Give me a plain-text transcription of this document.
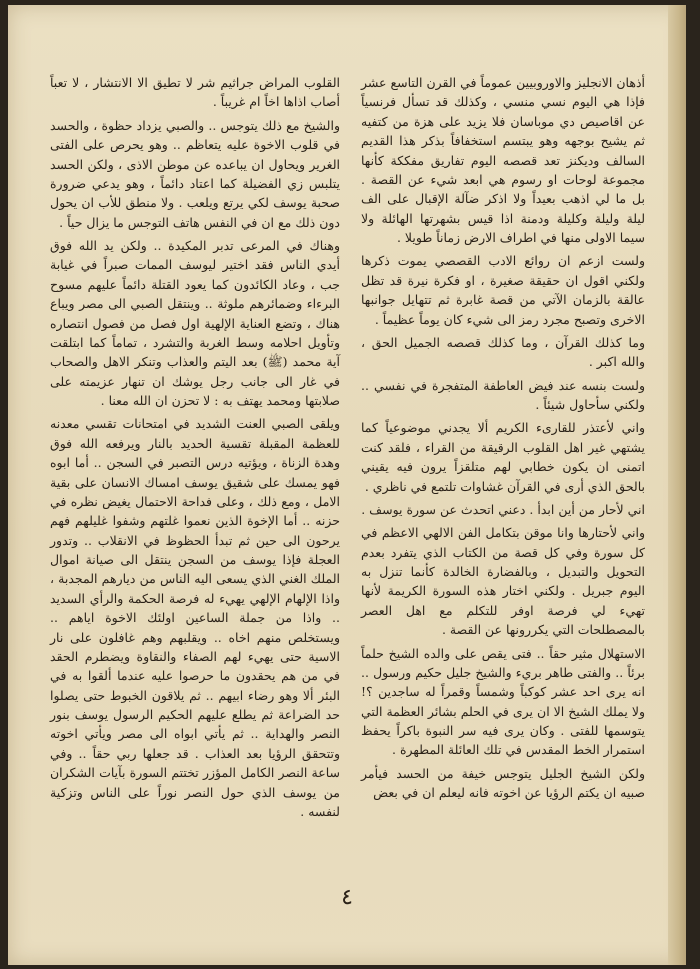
أذهان الانجليز والاوروبيين عموماً في القرن التاسع عشر فإذا هي اليوم نسي منسي ، وكذلك قد تسأل فرنسياً عن اقاصيص دي موباسان فلا يزيد على هزة من كتفيه ثم يشيح بوجهه وهو يبتسم استخفافاً بذكر هذا القديم السالف وديكنز تعد قصصه اليوم تفاريق مفككة كأنها مجموعة لوحات او رسوم هي ابعد شيء عن القصة . بل ما لي اذهب بعيداً ولا اذكر ضآلة الإقبال على الف ليلة وليلة وكليلة ودمنة اذا قيس بشهرتها الهائلة ولا سيما الاولى منها في اطراف الارض زماناً طويلا .

ولست ازعم ان روائع الادب القصصي يموت ذكرها ولكني اقول ان حقيقة صغيرة ، او فكرة نيرة قد تظل عالقة بالزمان الآتي من قصة غابرة ثم تتهايل جوانبها الاخرى وتصبح مجرد رمز الى شيء كان يوماً عظيماً .

وما كذلك القرآن ، وما كذلك قصصه الجميل الحق ، والله اكبر .

ولست بنسه عند فيض العاطفة المتفجرة في نفسي .. ولكني سأحاول شيئاً .

واني لأعتذر للقارىء الكريم ألا يجدني موضوعياً كما يشتهي غير اهل القلوب الرقيقة من القراء ، فلقد كنت اتمنى ان يكون خطابي لهم متلقزاً يرون فيه يقيني بالحق الذي أرى في القرآن غشاوات تلتمع في ناظري .

اني لأحار من أين ابدأ . دعني اتحدث عن سورة يوسف .

واني لأحتارها وانا موقن بتكامل الفن الالهي الاعظم في كل سورة وفي كل قصة من الكتاب الذي يتفرد بعدم التحويل والتبديل ، وبالفضارة الخالدة كأنما تنزل به اليوم جبريل . ولكني اختار هذه السورة الكريمة لأنها تهيء لي فرصة اوفر للتكلم مع اهل العصر بالمصطلحات التي يكررونها عن القصة .

الاستهلال مثير حقاً .. فتى يقص على والده الشيخ حلماً برئاً .. والفتى طاهر بريء والشيخ جليل حكيم ورسول .. انه يرى احد عشر كوكباً وشمساً وقمراً له ساجدين ؟! ولا يملك الشيخ الا ان يرى في الحلم بشائر العظمة التي يتوسمها للفتى . وكان يرى فيه سر النبوة باكراً يحفظ استمرار الخط المقدس في تلك العائلة المطهرة .

ولكن الشيخ الجليل يتوجس خيفة من الحسد فيأمر صبيه ان يكتم الرؤيا عن اخوته فانه ليعلم ان في بعض

القلوب المراض جراثيم شر لا تطيق الا الانتشار ، لا تعباً أصاب اذاها اخاً ام غريباً .

والشيخ مع ذلك يتوجس .. والصبي يزداد حظوة ، والحسد في قلوب الاخوة عليه يتعاظم .. وهو يحرص على الفتى الغرير ويحاول ان يباعده عن موطن الاذى ، ولكن الحسد يتلبس زي الفضيلة كما اعتاد دائماً ، وهو يدعي ضرورة صحبة يوسف لكي يرتع ويلعب . ولا منطق للأب ان يحول دون ذلك مع ان في النفس هاتف التوجس ما يزال حياً .

وهناك في المرعى تدبر المكيدة .. ولكن يد الله فوق أيدي الناس فقد اختير ليوسف الممات صبراً في غيابة جب ، وعاد الكائدون كما يعود القتلة دائماً عليهم مسوح البرءاء وضمائرهم ملوثة .. وينتقل الصبي الى مصر ويباع هناك ، وتضع العناية الإلهية اول فصل من فصول انتصاره وتأويل احلامه وسط الغربة والتشرد ، تماماً كما ابتلقت آية محمد (ﷺ) بعد اليتم والعذاب وتنكر الاهل والصحاب في غار الى جانب رجل يوشك ان تنهار عزيمته على صلابتها ومحمد يهتف به : لا تحزن ان الله معنا .

ويلقى الصبي العنت الشديد في امتحانات تقسي معدنه للعظمة المقبلة تقسية الحديد بالنار ويرفعه الله فوق وهدة الزناة ، ويؤتيه درس التصبر في السجن .. أما ابوه فهو يمسك على شقيق يوسف امساك الانسان على بقية الامل ، ومع ذلك ، وعلى فداحة الاحتمال يغيض نظره في حزنه .. أما الإخوة الذين نعموا غلتهم وشفوا غليلهم فهم يرحون الى حين ثم تبدأ الحظوظ في الانقلاب .. وتدور العجلة فإذا يوسف من السجن ينتقل الى صيانة اموال الملك الغني الذي يسعى اليه الناس من ديارهم المجدبة ، واذا الإلهام الإلهي يهيء له فرصة الحكمة والرأي السديد .. واذا من جملة الساعين اولئك الاخوة اياهم .. ويستخلص منهم اخاه .. ويقلبهم وهم غافلون على نار الاسية حتى يهيء لهم الصفاء والنقاوة ويضطرم الحقد في من هم يحقدون ما حرصوا عليه عندما ألقوا به في البئر ألا وهو رضاء ابيهم .. ثم يلاقون الخبوط حتى يصلوا حد الضراعة ثم يطلع عليهم الحكيم الرسول يوسف بنور النصر والهداية .. ثم يأتي ابواه الى مصر ويأتي اخوته وتتحقق الرؤيا بعد العذاب . قد جعلها ربي حقاً .. وفي ساعة النصر الكامل المؤزر تختتم السورة بآيات الشكران من يوسف الذي حول النصر نوراً على الناس وتزكية لنفسه .

٤
